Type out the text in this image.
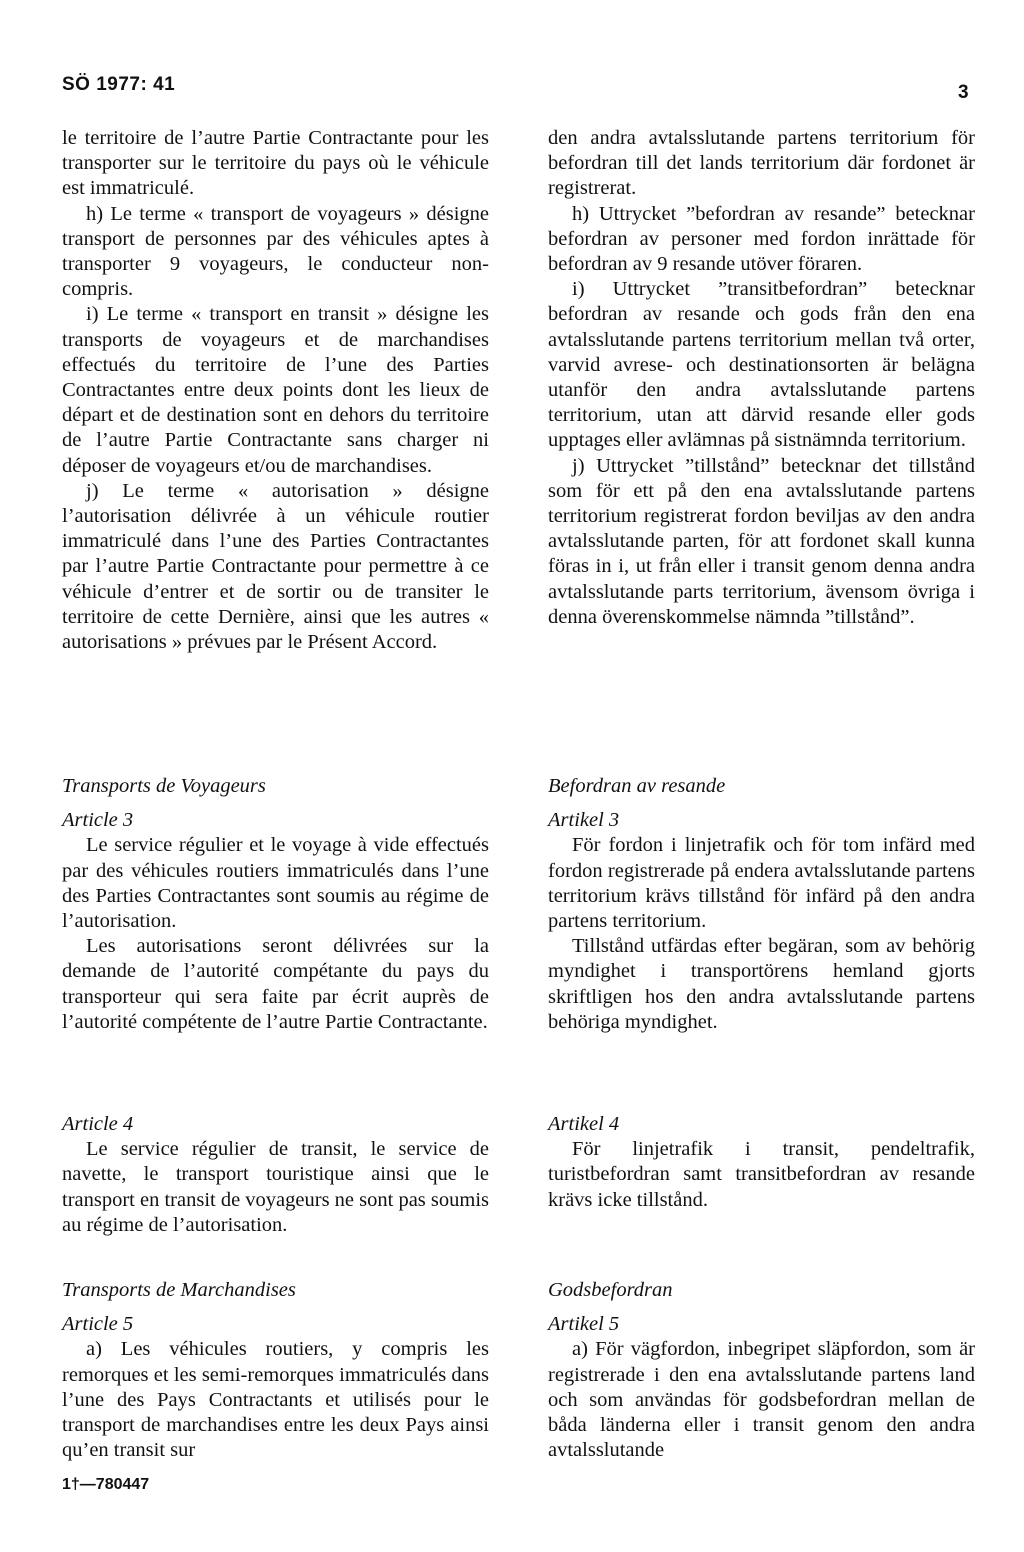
SÖ 1977: 41	3

le territoire de l’autre Partie Contractante pour les transporter sur le territoire du pays où le véhicule est immatriculé.

h) Le terme « transport de voyageurs » désigne transport de personnes par des véhicules aptes à transporter 9 voyageurs, le conducteur non-compris.

i) Le terme « transport en transit » désigne les transports de voyageurs et de marchandises effectués du territoire de l’une des Parties Contractantes entre deux points dont les lieux de départ et de destination sont en dehors du territoire de l’autre Partie Contractante sans charger ni déposer de voyageurs et/ou de marchandises.

j) Le terme « autorisation » désigne l’autorisation délivrée à un véhicule routier immatriculé dans l’une des Parties Contractantes par l’autre Partie Contractante pour permettre à ce véhicule d’entrer et de sortir ou de transiter le territoire de cette Dernière, ainsi que les autres « autorisations » prévues par le Présent Accord.

Transports de Voyageurs

Article 3

Le service régulier et le voyage à vide effectués par des véhicules routiers immatriculés dans l’une des Parties Contractantes sont soumis au régime de l’autorisation.

Les autorisations seront délivrées sur la demande de l’autorité compétante du pays du transporteur qui sera faite par écrit auprès de l’autorité compétente de l’autre Partie Contractante.

Article 4

Le service régulier de transit, le service de navette, le transport touristique ainsi que le transport en transit de voyageurs ne sont pas soumis au régime de l’autorisation.

Transports de Marchandises

Article 5

a) Les véhicules routiers, y compris les remorques et les semi-remorques immatriculés dans l’une des Pays Contractants et utilisés pour le transport de marchandises entre les deux Pays ainsi qu’en transit sur

den andra avtalsslutande partens territorium för befordran till det lands territorium där fordonet är registrerat.

h) Uttrycket ”befordran av resande” betecknar befordran av personer med fordon inrättade för befordran av 9 resande utöver föraren.

i) Uttrycket ”transitbefordran” betecknar befordran av resande och gods från den ena avtalsslutande partens territorium mellan två orter, varvid avrese- och destinationsorten är belägna utanför den andra avtalsslutande partens territorium, utan att därvid resande eller gods upptages eller avlämnas på sistnämnda territorium.

j) Uttrycket ”tillstånd” betecknar det tillstånd som för ett på den ena avtalsslutande partens territorium registrerat fordon beviljas av den andra avtalsslutande parten, för att fordonet skall kunna föras in i, ut från eller i transit genom denna andra avtalsslutande parts territorium, ävensom övriga i denna överenskommelse nämnda ”tillstånd”.

Befordran av resande

Artikel 3

För fordon i linjetrafik och för tom infärd med fordon registrerade på endera avtalsslutande partens territorium krävs tillstånd för infärd på den andra partens territorium.

Tillstånd utfärdas efter begäran, som av behörig myndighet i transportörens hemland gjorts skriftligen hos den andra avtalsslutande partens behöriga myndighet.

Artikel 4

För linjetrafik i transit, pendeltrafik, turistbefordran samt transitbefordran av resande krävs icke tillstånd.

Godsbefordran

Artikel 5

a) För vägfordon, inbegripet släpfordon, som är registrerade i den ena avtalsslutande partens land och som användas för godsbefordran mellan de båda länderna eller i transit genom den andra avtalsslutande

1†—780447
